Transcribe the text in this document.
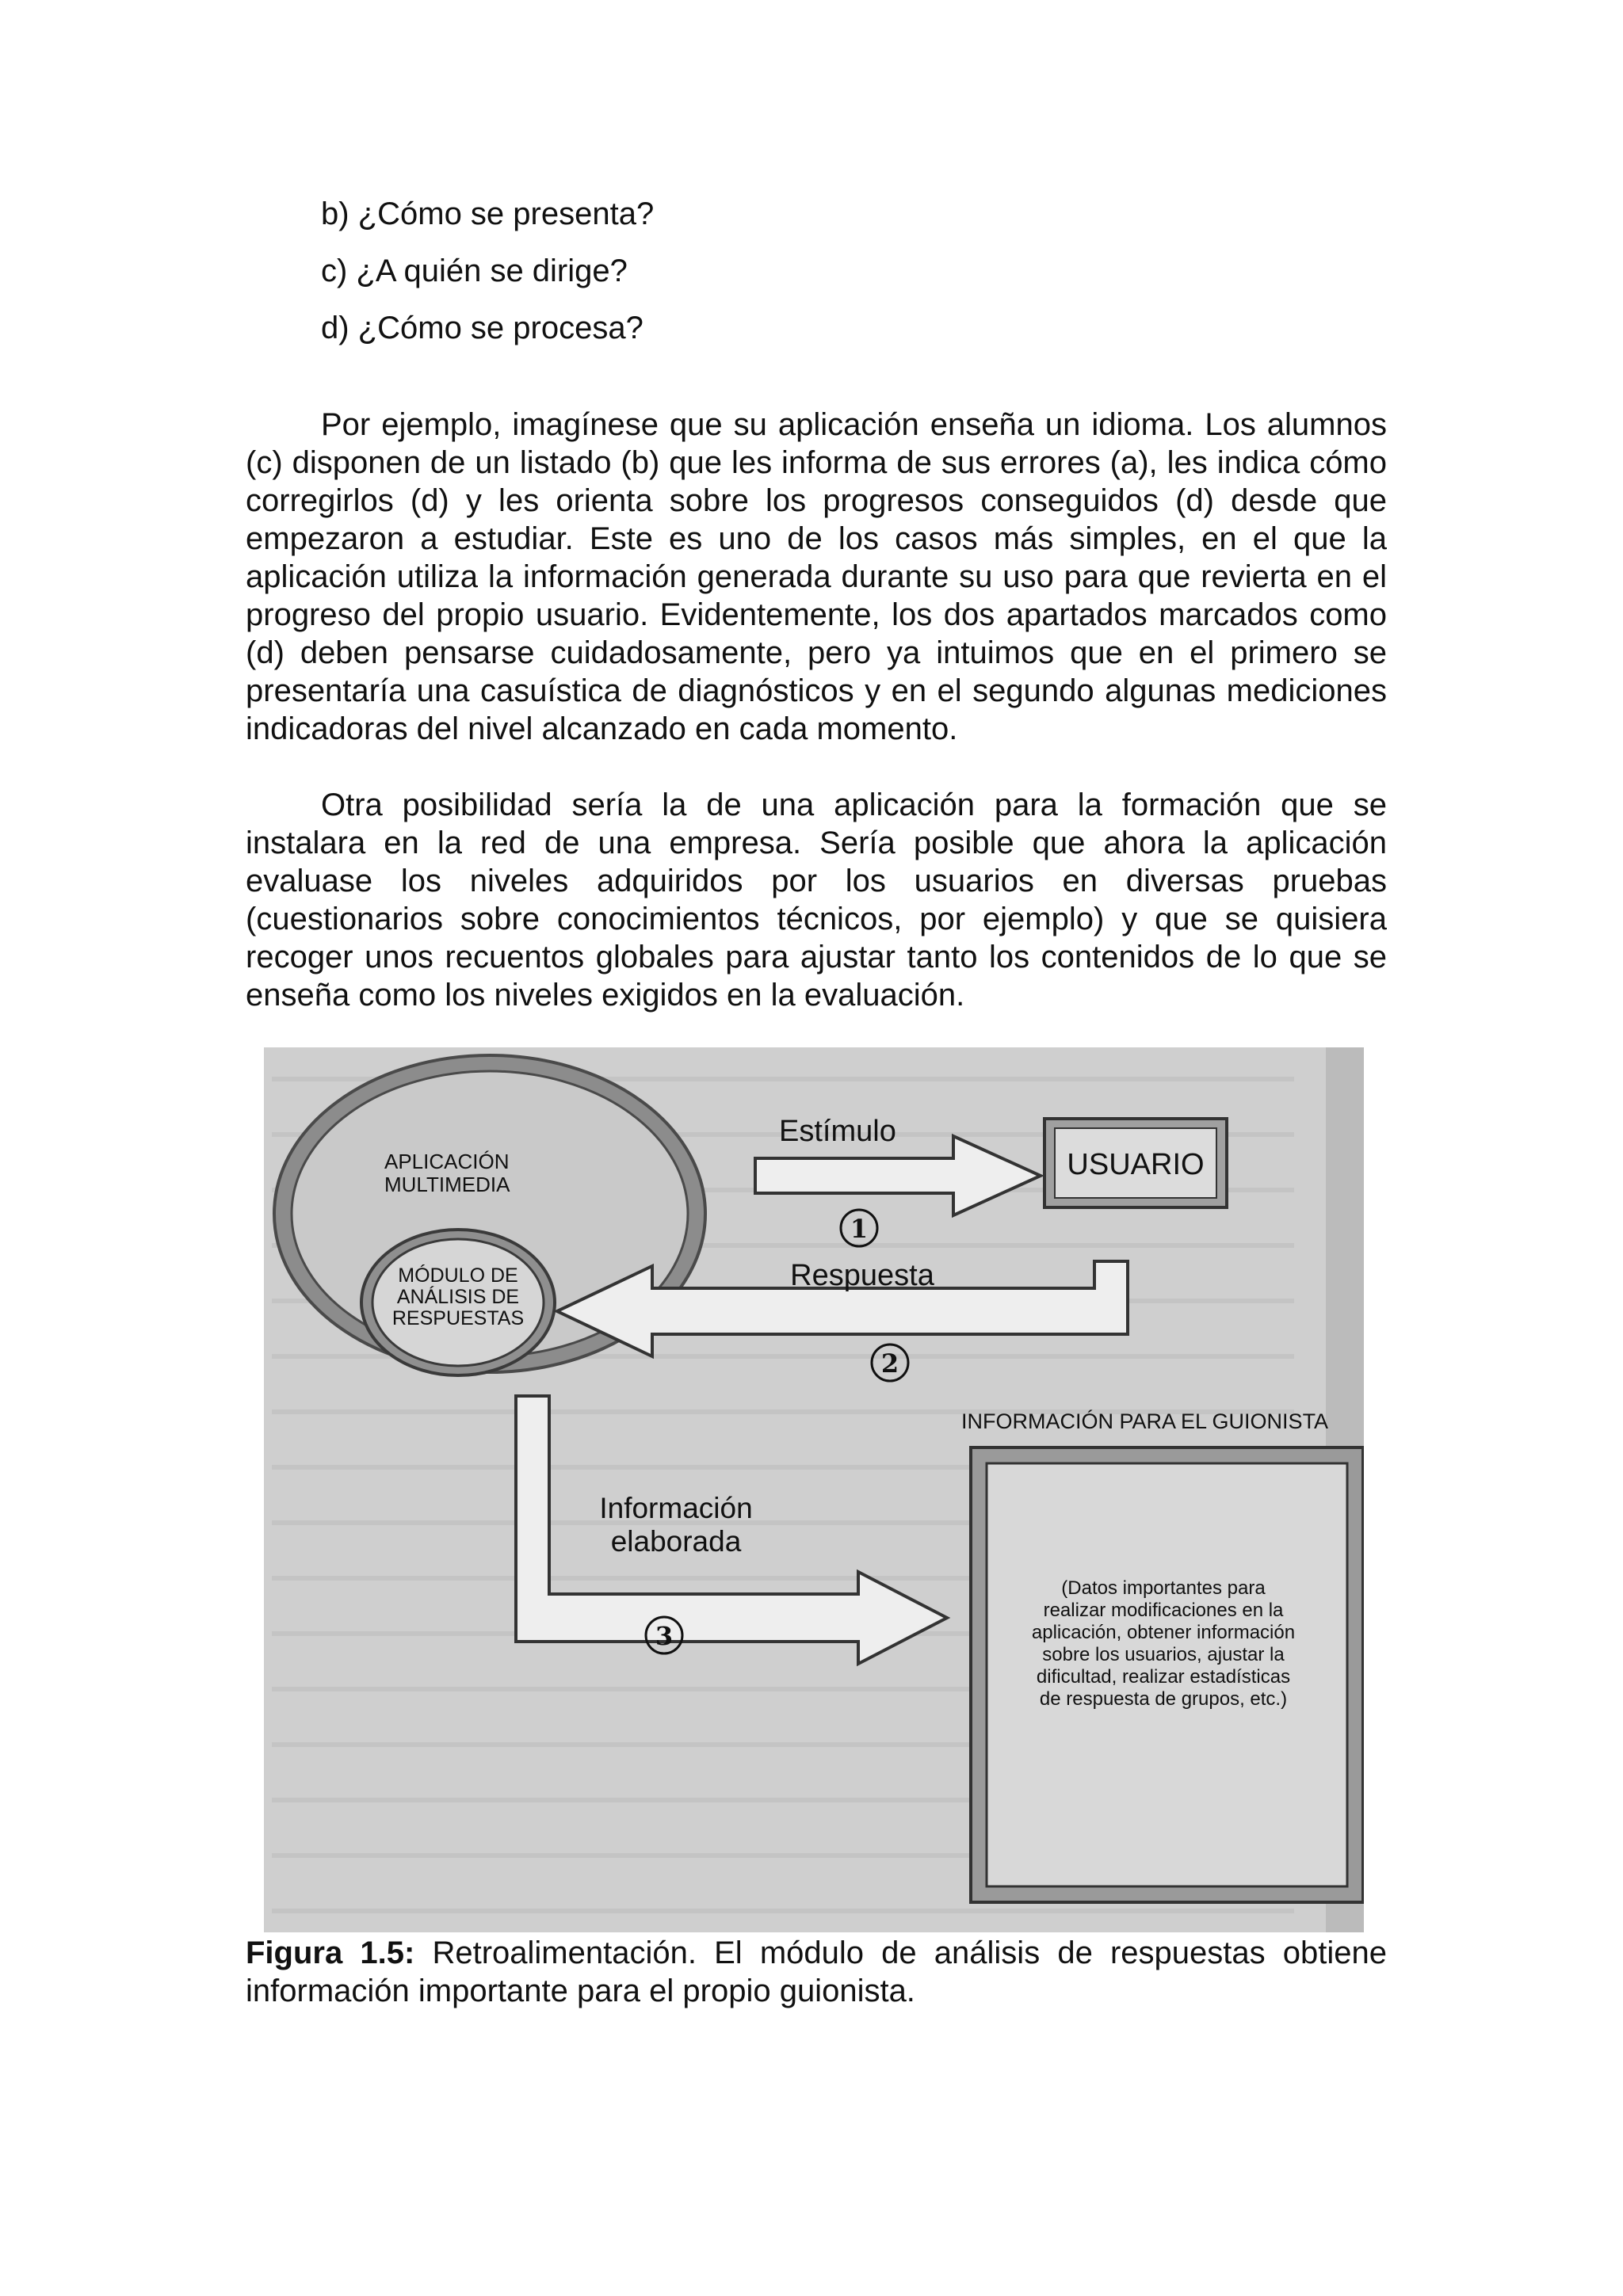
b) ¿Cómo se presenta?
c) ¿A quién se dirige?
d) ¿Cómo se procesa?
Por ejemplo, imagínese que su aplicación enseña un idioma. Los alumnos (c) disponen de un listado (b) que les informa de sus errores (a), les indica cómo corregirlos (d) y les orienta sobre los progresos conseguidos (d) desde que empezaron a estudiar. Este es uno de los casos más simples, en el que la aplicación utiliza la información generada durante su uso para que revierta en el progreso del propio usuario. Evidentemente, los dos apartados marcados como (d) deben pensarse cuidadosamente, pero ya intuimos que en el primero se presentaría una casuística de diagnósticos y en el segundo algunas mediciones indicadoras del nivel alcanzado en cada momento.
Otra posibilidad sería la de una aplicación para la formación que se instalara en la red de una empresa. Sería posible que ahora la aplicación evaluase los niveles adquiridos por los usuarios en diversas pruebas (cuestionarios sobre conocimientos técnicos, por ejemplo) y que se quisiera recoger unos recuentos globales para ajustar tanto los contenidos de lo que se enseña como los niveles exigidos en la evaluación.
APLICACIÓN
MULTIMEDIA
MÓDULO DE
ANÁLISIS DE
RESPUESTAS
Estímulo
1
USUARIO
Respuesta
2
Información
elaborada
3
INFORMACIÓN PARA EL GUIONISTA
(Datos importantes para
realizar modificaciones en la
aplicación, obtener información
sobre los usuarios, ajustar la
dificultad, realizar estadísticas
de respuesta de grupos, etc.)
Figura 1.5: Retroalimentación. El módulo de análisis de respuestas obtiene información importante para el propio guionista.
